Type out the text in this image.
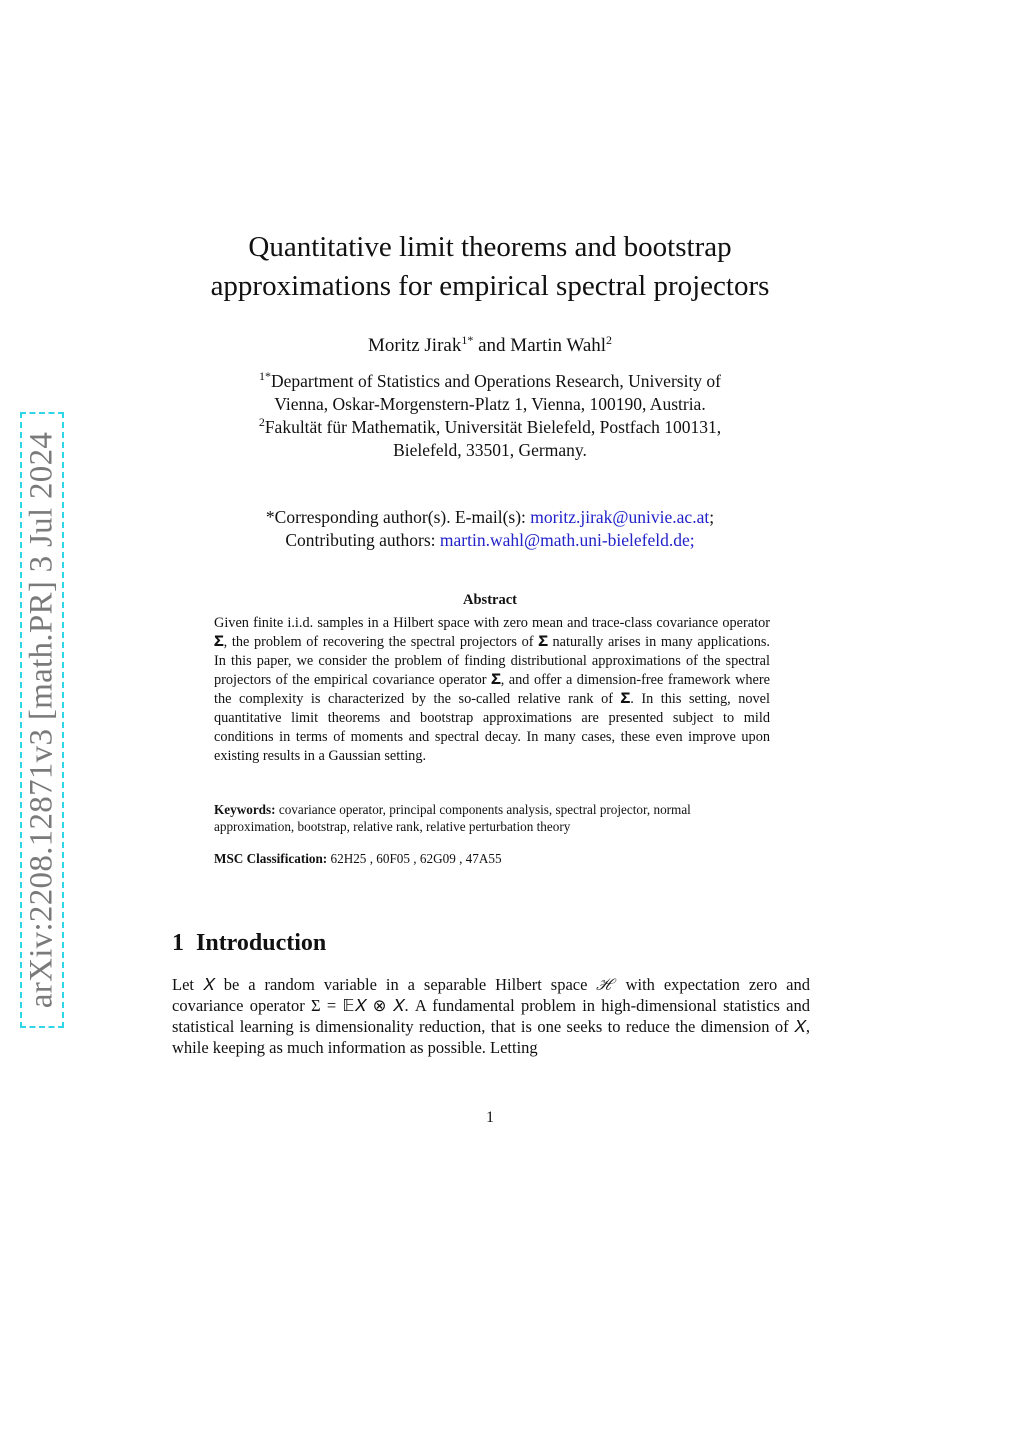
arXiv:2208.12871v3 [math.PR] 3 Jul 2024
Quantitative limit theorems and bootstrap
approximations for empirical spectral projectors
Moritz Jirak$^{1*}$ and Martin Wahl$^2$
$^{1*}$Department of Statistics and Operations Research, University of
Vienna, Oskar-Morgenstern-Platz 1, Vienna, 100190, Austria.
$^2$Fakultät für Mathematik, Universität Bielefeld, Postfach 100131,
Bielefeld, 33501, Germany.
*Corresponding author(s). E-mail(s): moritz.jirak@univie.ac.at;
Contributing authors: martin.wahl@math.uni-bielefeld.de;
Abstract

Given finite i.i.d. samples in a Hilbert space with zero mean and trace-class covariance operator 𝚺, the problem of recovering the spectral projectors of 𝚺 naturally arises in many applications. In this paper, we consider the problem of finding distributional approximations of the spectral projectors of the empirical covariance operator 𝚺̂, and offer a dimension-free framework where the complexity is characterized by the so-called relative rank of 𝚺. In this setting, novel quantitative limit theorems and bootstrap approximations are presented subject to mild conditions in terms of moments and spectral decay. In many cases, these even improve upon existing results in a Gaussian setting.

Keywords: covariance operator, principal components analysis, spectral projector, normal approximation, bootstrap, relative rank, relative perturbation theory

MSC Classification: 62H25 , 60F05 , 62G09 , 47A55

1 Introduction

Let 𝑋 be a random variable in a separable Hilbert space ℋ with expectation zero and covariance operator Σ = 𝔼𝑋 ⊗ 𝑋. A fundamental problem in high-dimensional statistics and statistical learning is dimensionality reduction, that is one seeks to reduce the dimension of 𝑋, while keeping as much information as possible. Letting

1
